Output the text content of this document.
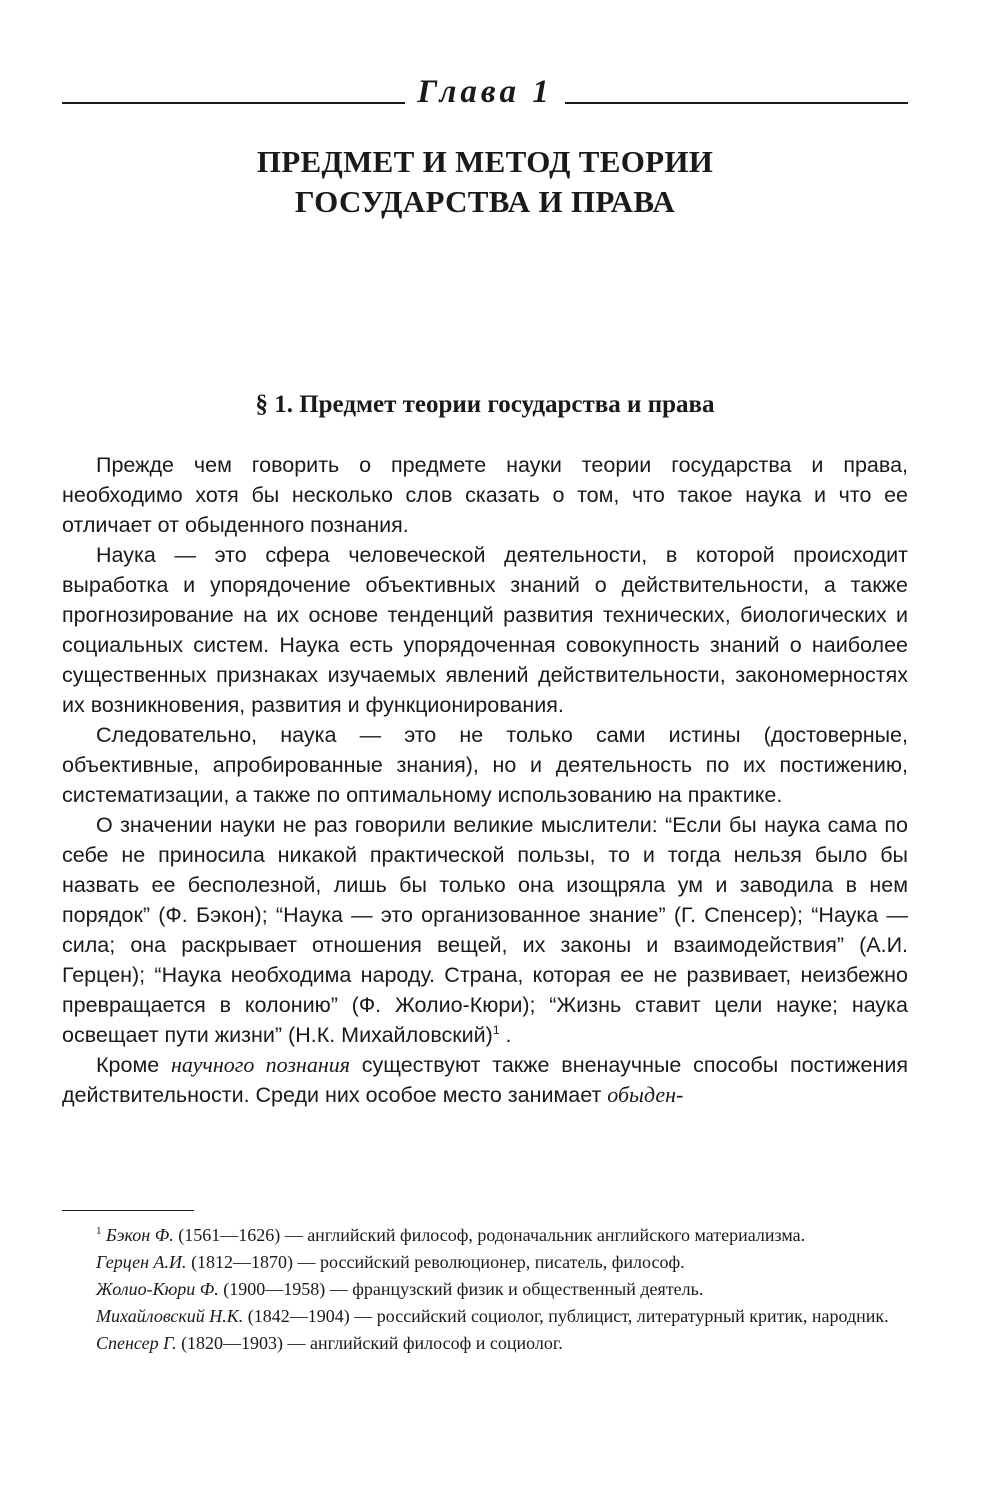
Глава 1
ПРЕДМЕТ И МЕТОД ТЕОРИИ
ГОСУДАРСТВА И ПРАВА
§ 1. Предмет теории государства и права

Прежде чем говорить о предмете науки теории государства и права, необходимо хотя бы несколько слов сказать о том, что такое наука и что ее отличает от обыденного познания.

Наука — это сфера человеческой деятельности, в которой происходит выработка и упорядочение объективных знаний о действительности, а также прогнозирование на их основе тенденций развития технических, биологических и социальных систем. Наука есть упорядоченная совокупность знаний о наиболее существенных признаках изучаемых явлений действительности, закономерностях их возникновения, развития и функционирования.

Следовательно, наука — это не только сами истины (достоверные, объективные, апробированные знания), но и деятельность по их постижению, систематизации, а также по оптимальному использованию на практике.

О значении науки не раз говорили великие мыслители: “Если бы наука сама по себе не приносила никакой практической пользы, то и тогда нельзя было бы назвать ее бесполезной, лишь бы только она изощряла ум и заводила в нем порядок” (Ф. Бэкон); “Наука — это организованное знание” (Г. Спенсер); “Наука — сила; она раскрывает отношения вещей, их законы и взаимодействия” (А.И. Герцен); “Наука необходима народу. Страна, которая ее не развивает, неизбежно превращается в колонию” (Ф. Жолио-Кюри); “Жизнь ставит цели науке; наука освещает пути жизни” (Н.К. Михайловский)$^1$ .

Кроме научного познания существуют также вненаучные способы постижения действительности. Среди них особое место занимает обыден-

$^1$ Бэкон Ф. (1561—1626) — английский философ, родоначальник английского материализма.

Герцен А.И. (1812—1870) — российский революционер, писатель, философ.

Жолио-Кюри Ф. (1900—1958) — французский физик и общественный деятель.

Михайловский Н.К. (1842—1904) — российский социолог, публицист, литературный критик, народник.

Спенсер Г. (1820—1903) — английский философ и социолог.
